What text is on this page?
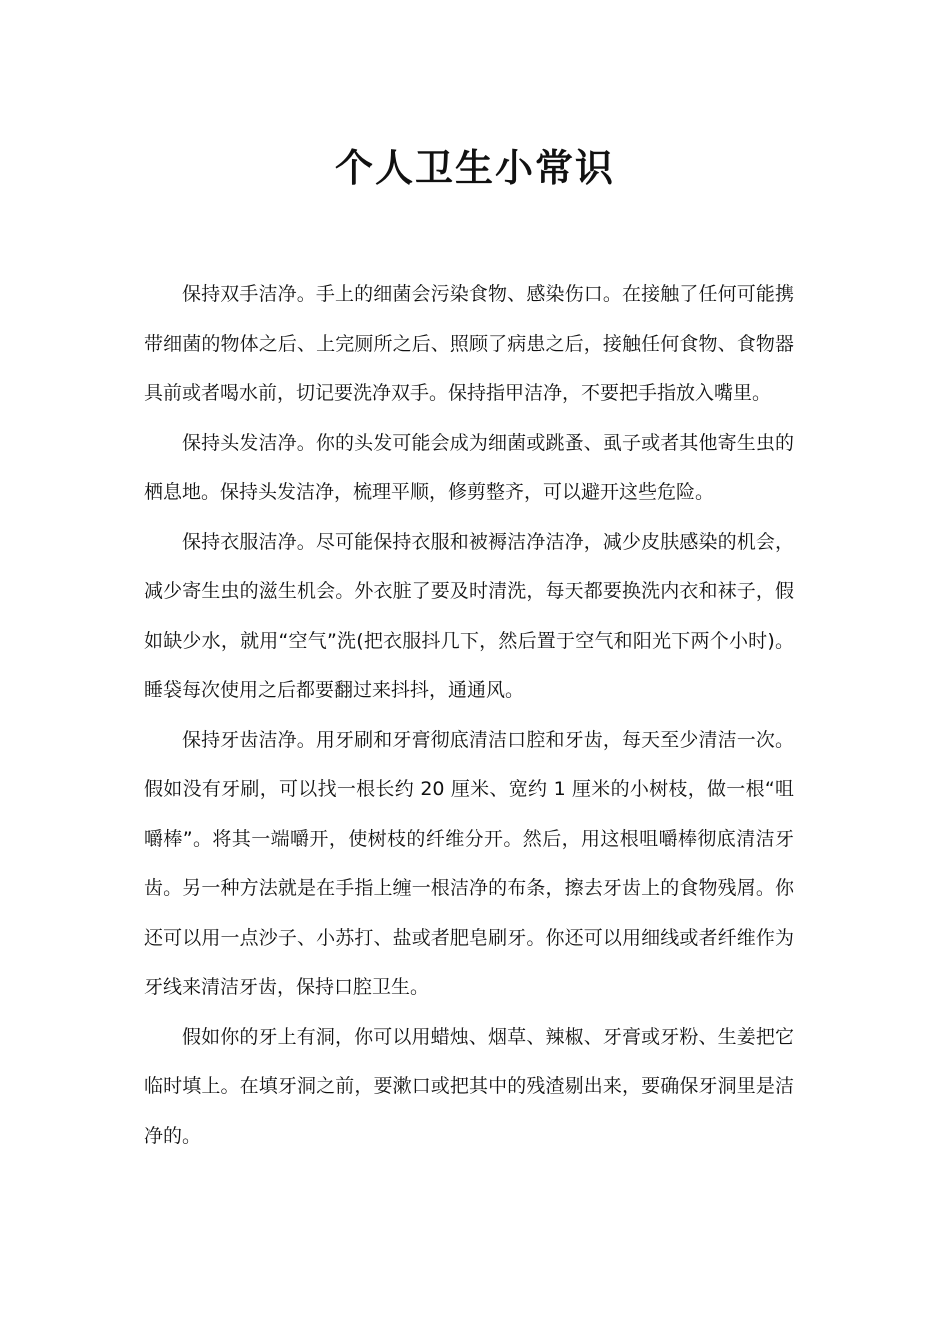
个人卫生小常识

保持双手洁净。手上的细菌会污染食物、感染伤口。在接触了任何可能携带细菌的物体之后、上完厕所之后、照顾了病患之后，接触任何食物、食物器具前或者喝水前，切记要洗净双手。保持指甲洁净，不要把手指放入嘴里。

保持头发洁净。你的头发可能会成为细菌或跳蚤、虱子或者其他寄生虫的栖息地。保持头发洁净，梳理平顺，修剪整齐，可以避开这些危险。

保持衣服洁净。尽可能保持衣服和被褥洁净洁净，减少皮肤感染的机会，减少寄生虫的滋生机会。外衣脏了要及时清洗，每天都要换洗内衣和袜子，假如缺少水，就用“空气”洗(把衣服抖几下，然后置于空气和阳光下两个小时)。睡袋每次使用之后都要翻过来抖抖，通通风。

保持牙齿洁净。用牙刷和牙膏彻底清洁口腔和牙齿，每天至少清洁一次。假如没有牙刷，可以找一根长约 20 厘米、宽约 1 厘米的小树枝，做一根“咀嚼棒”。将其一端嚼开，使树枝的纤维分开。然后，用这根咀嚼棒彻底清洁牙齿。另一种方法就是在手指上缠一根洁净的布条，擦去牙齿上的食物残屑。你还可以用一点沙子、小苏打、盐或者肥皂刷牙。你还可以用细线或者纤维作为牙线来清洁牙齿，保持口腔卫生。

假如你的牙上有洞，你可以用蜡烛、烟草、辣椒、牙膏或牙粉、生姜把它临时填上。在填牙洞之前，要漱口或把其中的残渣剔出来，要确保牙洞里是洁净的。
